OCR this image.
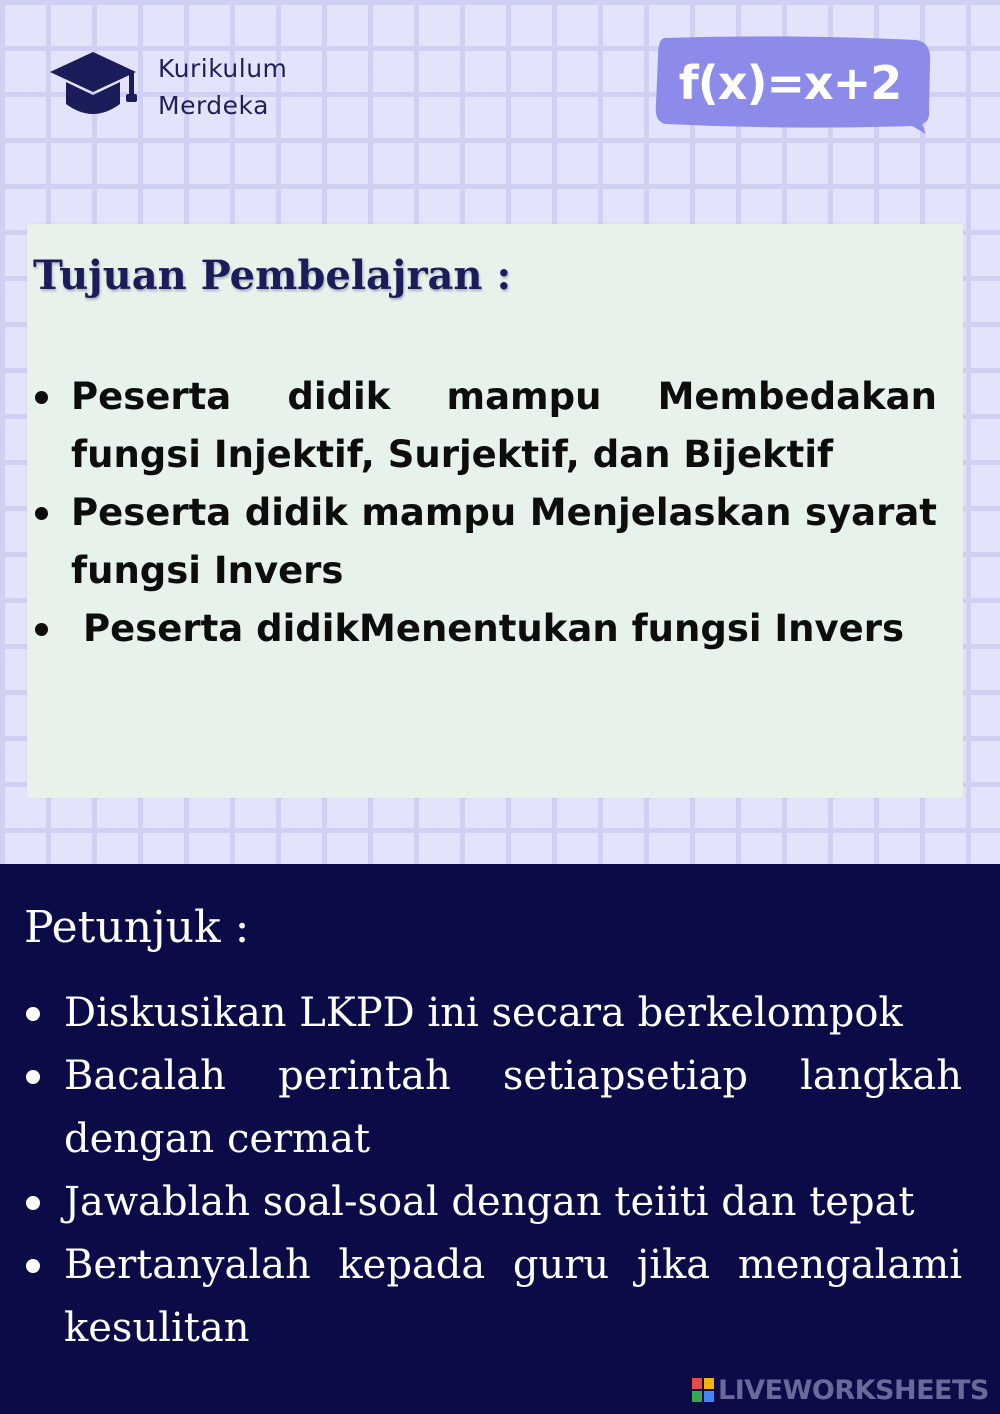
Kurikulum
Merdeka	f(x)=x+2
Tujuan Pembelajran :
Peserta didik mampu Membedakan fungsi Injektif, Surjektif, dan Bijektif
Peserta didik mampu Menjelaskan syarat fungsi Invers
Peserta didikMenentukan fungsi Invers
Petunjuk :
Diskusikan LKPD ini secara berkelompok
Bacalah perintah setiapsetiap langkah dengan cermat
Jawablah soal-soal dengan teiiti dan tepat
Bertanyalah kepada guru jika mengalami kesulitan
LIVEWORKSHEETS
